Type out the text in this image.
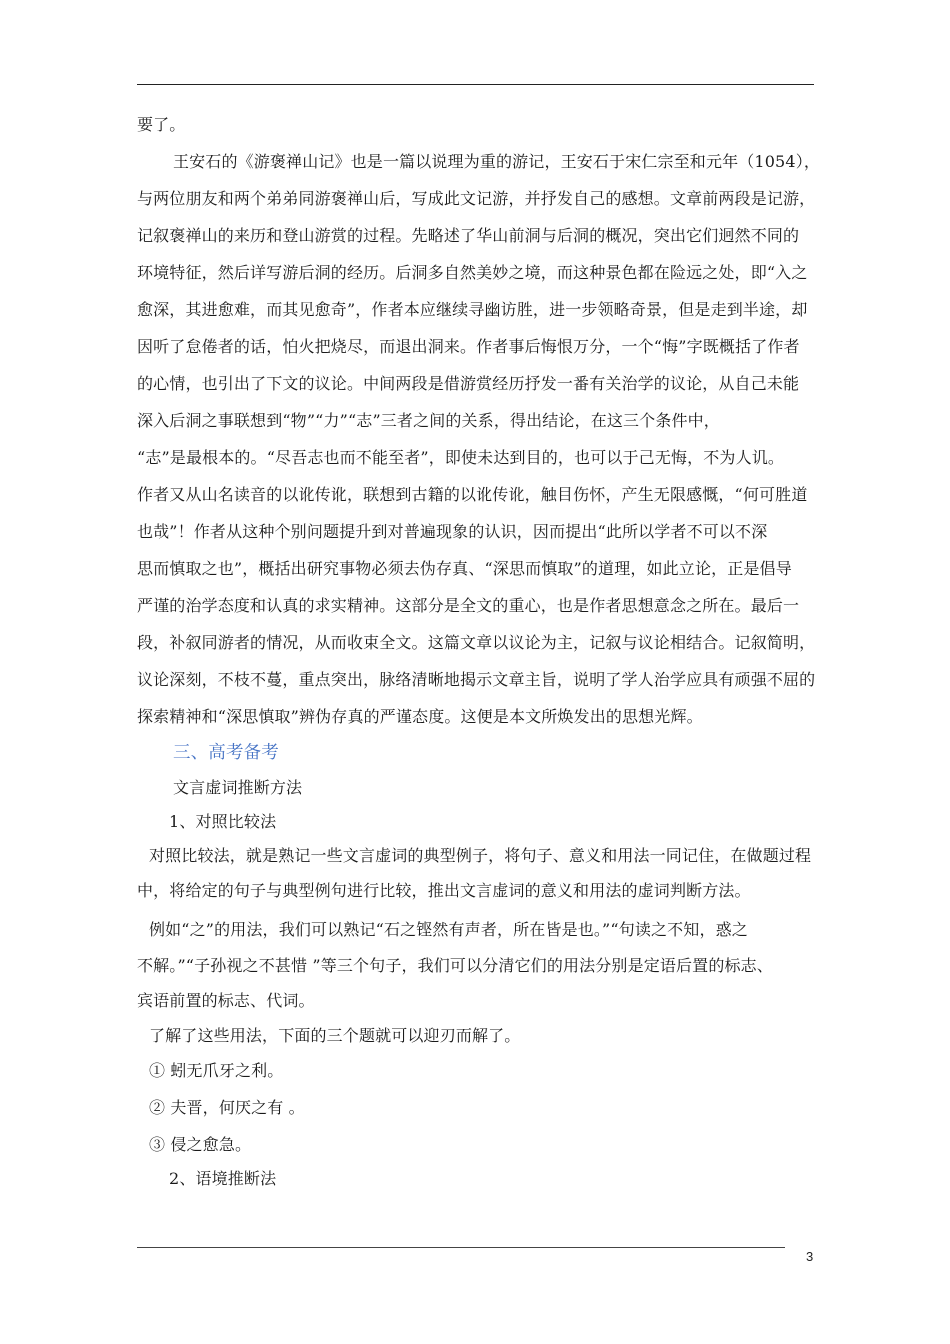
要了。
王安石的《游褒禅山记》也是一篇以说理为重的游记，王安石于宋仁宗至和元年（1054），
与两位朋友和两个弟弟同游褒禅山后，写成此文记游，并抒发自己的感想。文章前两段是记游，
记叙褒禅山的来历和登山游赏的过程。先略述了华山前洞与后洞的概况，突出它们迥然不同的
环境特征，然后详写游后洞的经历。后洞多自然美妙之境，而这种景色都在险远之处，即“入之
愈深，其进愈难，而其见愈奇”，作者本应继续寻幽访胜，进一步领略奇景，但是走到半途，却
因听了怠倦者的话，怕火把烧尽，而退出洞来。作者事后悔恨万分，一个“悔”字既概括了作者
的心情，也引出了下文的议论。中间两段是借游赏经历抒发一番有关治学的议论，从自己未能
深入后洞之事联想到“物”“力”“志”三者之间的关系，得出结论，在这三个条件中，
“志”是最根本的。“尽吾志也而不能至者”，即使未达到目的，也可以于己无悔，不为人讥。
作者又从山名读音的以讹传讹，联想到古籍的以讹传讹，触目伤怀，产生无限感慨，“何可胜道
也哉”！作者从这种个别问题提升到对普遍现象的认识，因而提出“此所以学者不可以不深
思而慎取之也”，概括出研究事物必须去伪存真、“深思而慎取”的道理，如此立论，正是倡导
严谨的治学态度和认真的求实精神。这部分是全文的重心，也是作者思想意念之所在。最后一
段，补叙同游者的情况，从而收束全文。这篇文章以议论为主，记叙与议论相结合。记叙简明，
议论深刻，不枝不蔓，重点突出，脉络清晰地揭示文章主旨，说明了学人治学应具有顽强不屈的
探索精神和“深思慎取”辨伪存真的严谨态度。这便是本文所焕发出的思想光辉。
三、高考备考
文言虚词推断方法
1、对照比较法
对照比较法，就是熟记一些文言虚词的典型例子，将句子、意义和用法一同记住，在做题过程
中，将给定的句子与典型例句进行比较，推出文言虚词的意义和用法的虚词判断方法。
例如“之”的用法，我们可以熟记“石之铿然有声者，所在皆是也。”“句读之不知，惑之
不解。”“子孙视之不甚惜 ”等三个句子，我们可以分清它们的用法分别是定语后置的标志、
宾语前置的标志、代词。
了解了这些用法，下面的三个题就可以迎刃而解了。
① 蚓无爪牙之利。
② 夫晋，何厌之有 。
③ 侵之愈急。
2、语境推断法
3
